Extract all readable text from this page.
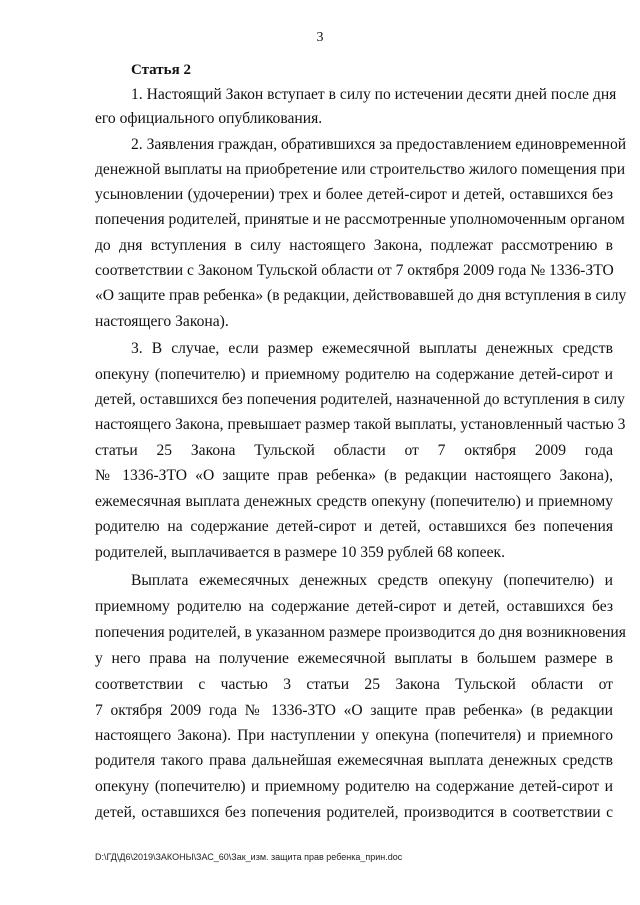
3
Статья 2
1. Настоящий Закон вступает в силу по истечении десяти дней после дня
его официального опубликования.
2. Заявления граждан, обратившихся за предоставлением единовременной
денежной выплаты на приобретение или строительство жилого помещения при
усыновлении (удочерении) трех и более детей-сирот и детей, оставшихся без
попечения родителей, принятые и не рассмотренные уполномоченным органом
до дня вступления в силу настоящего Закона, подлежат рассмотрению в
соответствии с Законом Тульской области от 7 октября 2009 года № 1336-ЗТО
«О защите прав ребенка» (в редакции, действовавшей до дня вступления в силу
настоящего Закона).
3. В случае, если размер ежемесячной выплаты денежных средств
опекуну (попечителю) и приемному родителю на содержание детей-сирот и
детей, оставшихся без попечения родителей, назначенной до вступления в силу
настоящего Закона, превышает размер такой выплаты, установленный частью 3
статьи 25 Закона Тульской области от 7 октября 2009 года
№ 1336-ЗТО «О защите прав ребенка» (в редакции настоящего Закона),
ежемесячная выплата денежных средств опекуну (попечителю) и приемному
родителю на содержание детей-сирот и детей, оставшихся без попечения
родителей, выплачивается в размере 10 359 рублей 68 копеек.
Выплата ежемесячных денежных средств опекуну (попечителю) и
приемному родителю на содержание детей-сирот и детей, оставшихся без
попечения родителей, в указанном размере производится до дня возникновения
у него права на получение ежемесячной выплаты в большем размере в
соответствии с частью 3 статьи 25 Закона Тульской области от
7 октября 2009 года № 1336-ЗТО «О защите прав ребенка» (в редакции
настоящего Закона). При наступлении у опекуна (попечителя) и приемного
родителя такого права дальнейшая ежемесячная выплата денежных средств
опекуну (попечителю) и приемному родителю на содержание детей-сирот и
детей, оставшихся без попечения родителей, производится в соответствии с
D:\ГД\Д6\2019\ЗАКОНЫ\ЗАС_60\Зак_изм. защита прав ребенка_прин.doc
